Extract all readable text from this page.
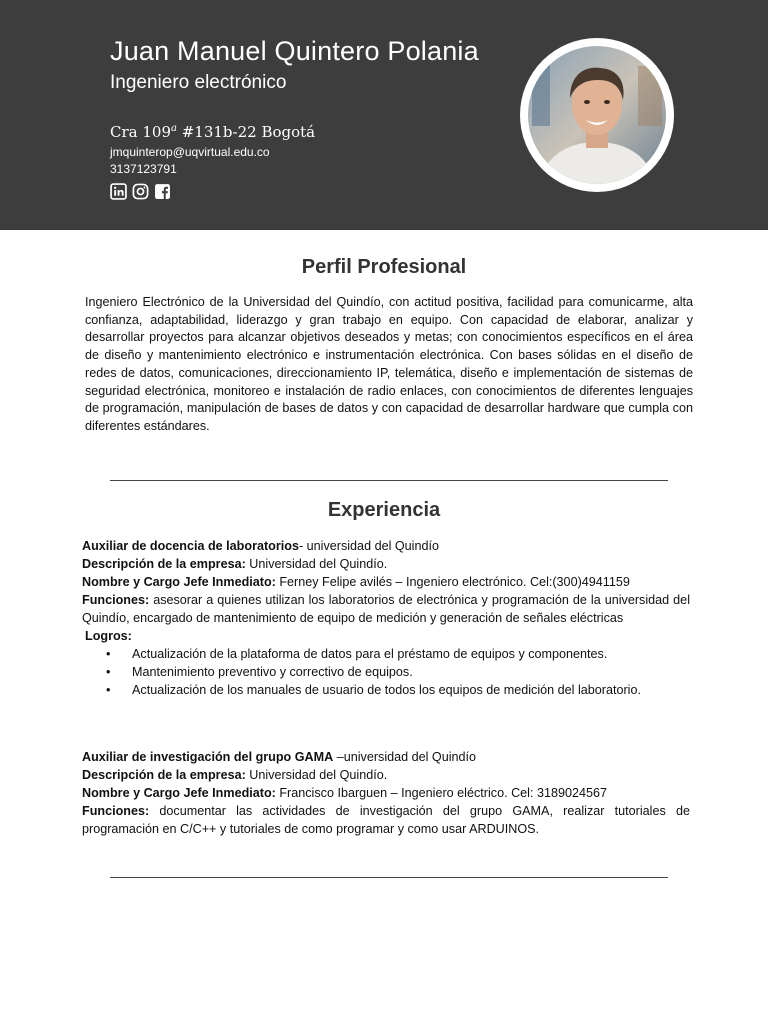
Juan Manuel Quintero Polania
Ingeniero electrónico
Cra 109$^a$ #131b-22 Bogotá
jmquinterop@uqvirtual.edu.co
3137123791
Perfil Profesional
Ingeniero Electrónico de la Universidad del Quindío, con actitud positiva, facilidad para comunicarme, alta confianza, adaptabilidad, liderazgo y gran trabajo en equipo. Con capacidad de elaborar, analizar y desarrollar proyectos para alcanzar objetivos deseados y metas; con conocimientos específicos en el área de diseño y mantenimiento electrónico e instrumentación electrónica. Con bases sólidas en el diseño de redes de datos, comunicaciones, direccionamiento IP, telemática, diseño e implementación de sistemas de seguridad electrónica, monitoreo e instalación de radio enlaces, con conocimientos de diferentes lenguajes de programación, manipulación de bases de datos y con capacidad de desarrollar hardware que cumpla con diferentes estándares.
Experiencia

Auxiliar de docencia de laboratorios- universidad del Quindío

Descripción de la empresa: Universidad del Quindío.

Nombre y Cargo Jefe Inmediato: Ferney Felipe avilés – Ingeniero electrónico. Cel:(300)4941159

Funciones: asesorar a quienes utilizan los laboratorios de electrónica y programación de la universidad del Quindío, encargado de mantenimiento de equipo de medición y generación de señales eléctricas

Logros:

• Actualización de la plataforma de datos para el préstamo de equipos y componentes.
• Mantenimiento preventivo y correctivo de equipos.
• Actualización de los manuales de usuario de todos los equipos de medición del laboratorio.

Auxiliar de investigación del grupo GAMA –universidad del Quindío

Descripción de la empresa: Universidad del Quindío.

Nombre y Cargo Jefe Inmediato: Francisco Ibarguen – Ingeniero eléctrico. Cel: 3189024567

Funciones: documentar las actividades de investigación del grupo GAMA, realizar tutoriales de programación en C/C++ y tutoriales de como programar y como usar ARDUINOS.
